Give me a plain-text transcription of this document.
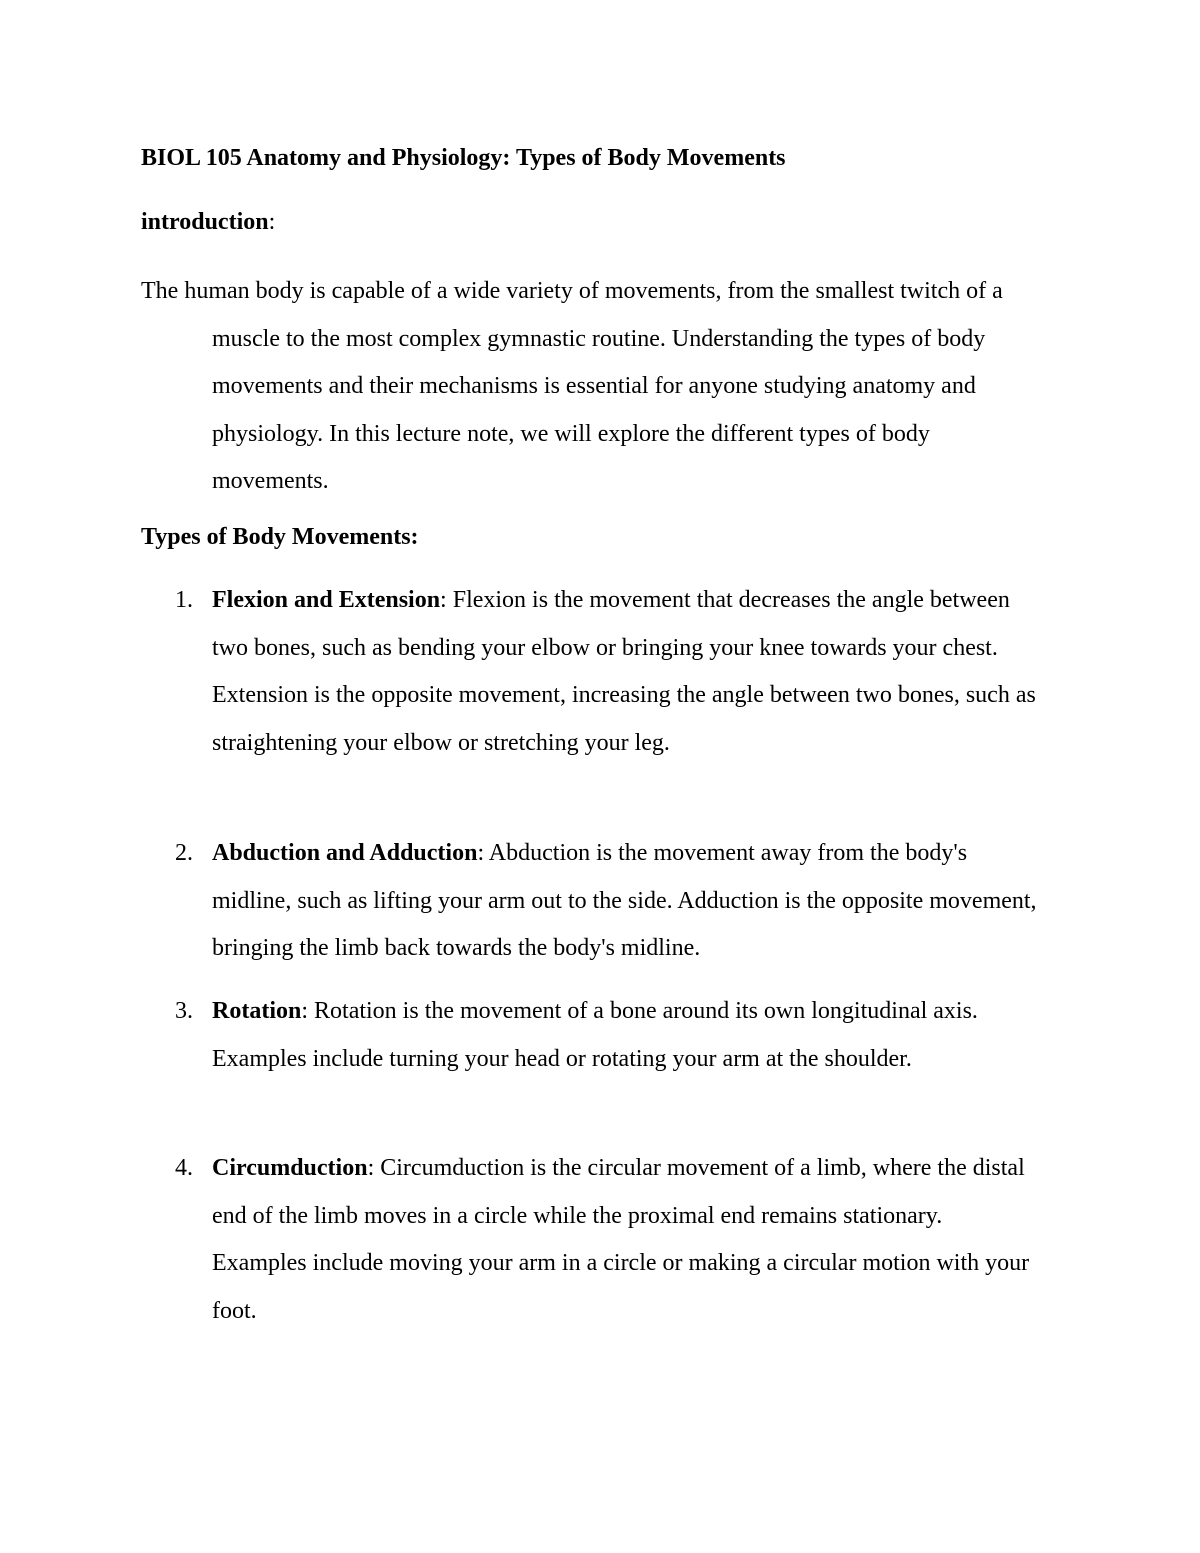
BIOL 105 Anatomy and Physiology: Types of Body Movements
introduction:
The human body is capable of a wide variety of movements, from the smallest twitch of a muscle to the most complex gymnastic routine. Understanding the types of body movements and their mechanisms is essential for anyone studying anatomy and physiology. In this lecture note, we will explore the different types of body movements.
Types of Body Movements:
1. Flexion and Extension: Flexion is the movement that decreases the angle between two bones, such as bending your elbow or bringing your knee towards your chest. Extension is the opposite movement, increasing the angle between two bones, such as straightening your elbow or stretching your leg.
2. Abduction and Adduction: Abduction is the movement away from the body's midline, such as lifting your arm out to the side. Adduction is the opposite movement, bringing the limb back towards the body's midline.
3. Rotation: Rotation is the movement of a bone around its own longitudinal axis. Examples include turning your head or rotating your arm at the shoulder.
4. Circumduction: Circumduction is the circular movement of a limb, where the distal end of the limb moves in a circle while the proximal end remains stationary. Examples include moving your arm in a circle or making a circular motion with your foot.
